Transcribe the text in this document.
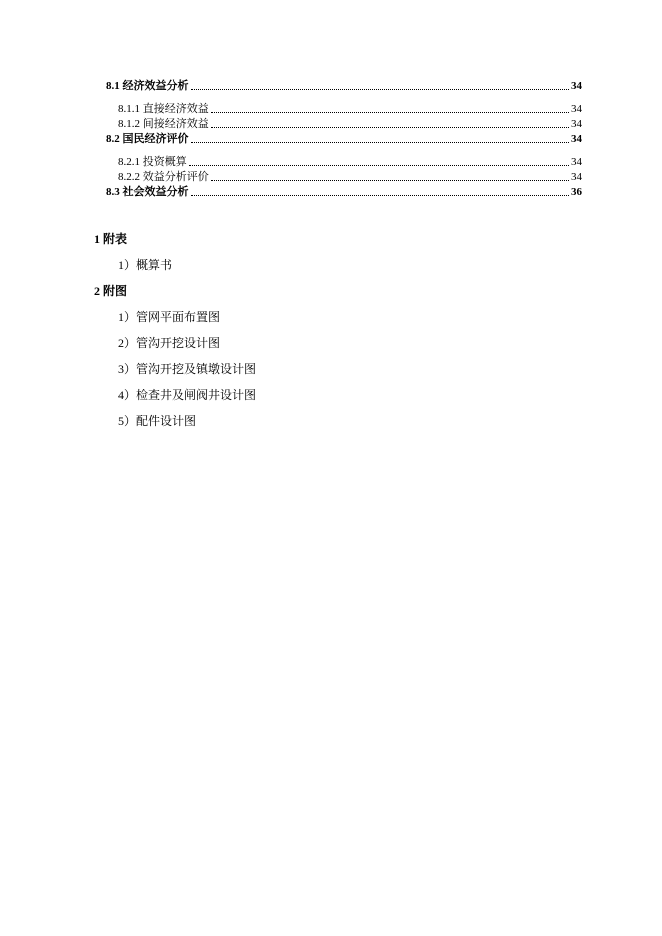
8.1 经济效益分析	34
8.1.1 直接经济效益	34
8.1.2 间接经济效益	34
8.2 国民经济评价	34
8.2.1 投资概算	34
8.2.2 效益分析评价	34
8.3 社会效益分析	36
1 附表
1）概算书
2 附图
1）管网平面布置图
2）管沟开挖设计图
3）管沟开挖及镇墩设计图
4）检查井及闸阀井设计图
5）配件设计图
